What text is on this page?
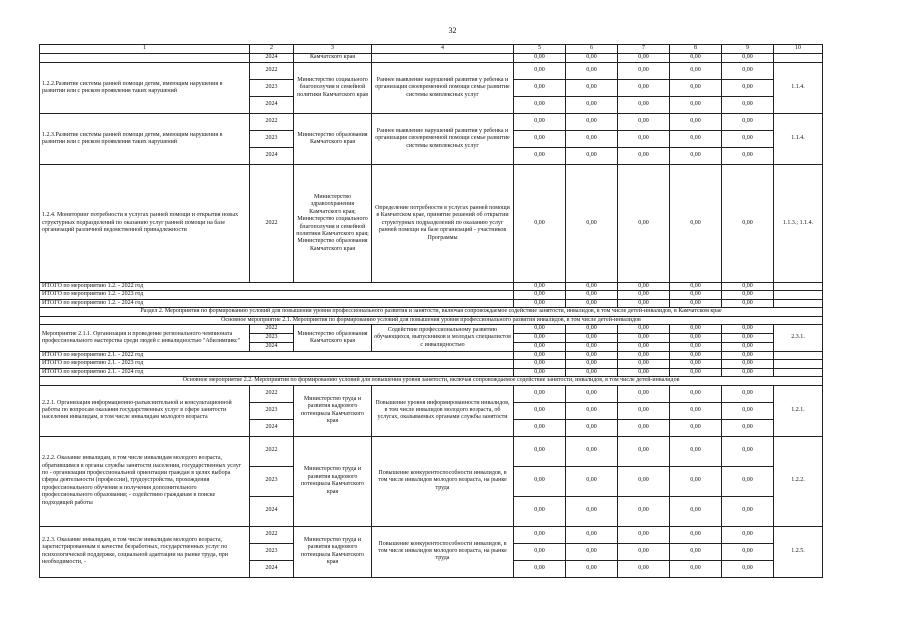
32
1	2	3	4	5	6	7	8	9	10
	2024	Камчатского края		0,00	0,00	0,00	0,00	0,00	
1.2.2.Развитие системы ранней помощи детям, имеющим нарушения в развитии или с риском проявления таких нарушений	2022	Министерство социального благополучия и семейной политики Камчатского края	Раннее выявление нарушений развития у ребенка и организация своевременной помощи семье развитие системы комплексных услуг	0,00	0,00	0,00	0,00	0,00	1.1.4.
	2023			0,00	0,00	0,00	0,00	0,00	
	2024			0,00	0,00	0,00	0,00	0,00	
1.2.3.Развитие системы ранней помощи детям, имеющим нарушения в развитии или с риском проявления таких нарушений	2022	Министерство образования Камчатского края	Раннее выявление нарушений развития у ребенка и организация своевременной помощи семье развитие системы комплексных услуг	0,00	0,00	0,00	0,00	0,00	1.1.4.
	2023			0,00	0,00	0,00	0,00	0,00	
	2024			0,00	0,00	0,00	0,00	0,00	
1.2.4. Мониторинг потребности в услугах ранней помощи и открытия новых структурных подразделений по оказанию услуг ранней помощи на базе организаций различной ведомственной принадлежности	2022	Министерство здравоохранения Камчатского края; Министерство социального благополучия и семейной политики Камчатского края; Министерство образования Камчатского края	Определение потребности в услугах ранней помощи в Камчатском крае, принятие решений об открытии структурных подразделений по оказанию услуг ранней помощи на базе организаций - участников Программы	0,00	0,00	0,00	0,00	0,00	1.1.3.; 1.1.4.
ИТОГО по мероприятию 1.2. - 2022 год				0,00	0,00	0,00	0,00	0,00	
ИТОГО по мероприятию 1.2. - 2023 год				0,00	0,00	0,00	0,00	0,00	
ИТОГО по мероприятию 1.2. - 2024 год				0,00	0,00	0,00	0,00	0,00	
Раздел 2. Мероприятия по формированию условий для повышения уровня профессионального развития и занятости, включая сопровождаемое содействие занятости, инвалидов, в том числе детей-инвалидов, в Камчатском крае									
Основное мероприятие 2.1. Мероприятия по формированию условий для повышения уровня профессионального развития инвалидов, в том числе детей-инвалидов									
Мероприятие 2.1.1. Организация и проведение регионального чемпионата профессионального мастерства среди людей с инвалидностью "Абилимпикс"	2022	Министерство образования Камчатского края	Содействие профессиональному развитию обучающихся, выпускников и молодых специалистов с инвалидностью	0,00	0,00	0,00	0,00	0,00	2.3.1.
	2023			0,00	0,00	0,00	0,00	0,00	
	2024			0,00	0,00	0,00	0,00	0,00	
ИТОГО по мероприятию 2.1. - 2022 год				0,00	0,00	0,00	0,00	0,00	
ИТОГО по мероприятию 2.1. - 2023 год				0,00	0,00	0,00	0,00	0,00	
ИТОГО по мероприятию 2.1. - 2024 год				0,00	0,00	0,00	0,00	0,00	
Основное мероприятие 2.2. Мероприятия по формированию условий для повышения уровня занятости, включая сопровождаемое содействие занятости, инвалидов, в том числе детей-инвалидов									
2.2.1. Организация информационно-разъяснительной и консультационной работы по вопросам оказания государственных услуг в сфере занятости населения инвалидам, в том числе инвалидам молодого возраста	2022	Министерство труда и развития кадрового потенциала Камчатского края	Повышение уровня информированности инвалидов, в том числе инвалидов молодого возраста, об услугах, оказываемых органами службы занятости	0,00	0,00	0,00	0,00	0,00	1.2.1.
	2023			0,00	0,00	0,00	0,00	0,00	
	2024			0,00	0,00	0,00	0,00	0,00	
2.2.2. Оказание инвалидам, в том числе инвалидам молодого возраста, обратившимся в органы службы занятости населения, государственных услуг по - организации профессиональной ориентации граждан в целях выбора сферы деятельности (профессии), трудоустройства, прохождения профессионального обучения и получения дополнительного профессионального образования; - содействию гражданам в поиске подходящей работы	2022	Министерство труда и развития кадрового потенциала Камчатского края	Повышение конкурентоспособности инвалидов, в том числе инвалидов молодого возраста, на рынке труда	0,00	0,00	0,00	0,00	0,00	1.2.2.
	2023			0,00	0,00	0,00	0,00	0,00	
	2024			0,00	0,00	0,00	0,00	0,00	
2.2.3. Оказание инвалидам, в том числе инвалидам молодого возраста, зарегистрированным в качестве безработных, государственных услуг по психологической поддержке, социальной адаптации на рынке труда, при необходимости, -	2022	Министерство труда и развития кадрового потенциала Камчатского края	Повышение конкурентоспособности инвалидов, в том числе инвалидов молодого возраста, на рынке труда	0,00	0,00	0,00	0,00	0,00	1.2.5.
	2023			0,00	0,00	0,00	0,00	0,00	
	2024			0,00	0,00	0,00	0,00	0,00	
